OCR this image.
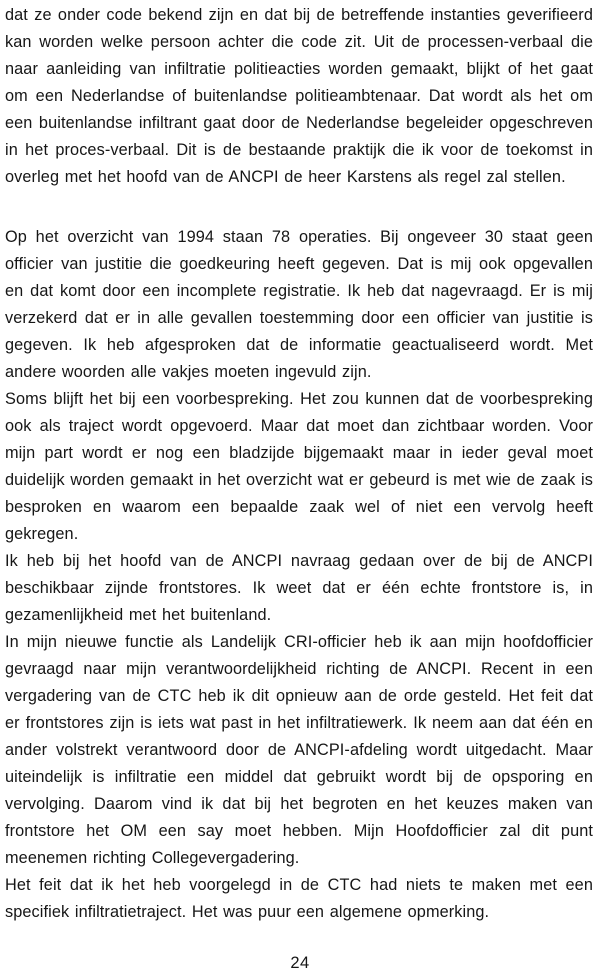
dat ze onder code bekend zijn en dat bij de betreffende instanties geverifieerd kan worden welke persoon achter die code zit. Uit de processen-verbaal die naar aanleiding van infiltratie politieacties worden gemaakt, blijkt of het gaat om een Nederlandse of buitenlandse politieambtenaar. Dat wordt als het om een buitenlandse infiltrant gaat door de Nederlandse begeleider opgeschreven in het proces-verbaal. Dit is de bestaande praktijk die ik voor de toekomst in overleg met het hoofd van de ANCPI de heer Karstens als regel zal stellen.

Op het overzicht van 1994 staan 78 operaties. Bij ongeveer 30 staat geen officier van justitie die goedkeuring heeft gegeven. Dat is mij ook opgevallen en dat komt door een incomplete registratie. Ik heb dat nagevraagd. Er is mij verzekerd dat er in alle gevallen toestemming door een officier van justitie is gegeven. Ik heb afgesproken dat de informatie geactualiseerd wordt. Met andere woorden alle vakjes moeten ingevuld zijn.

Soms blijft het bij een voorbespreking. Het zou kunnen dat de voorbespreking ook als traject wordt opgevoerd. Maar dat moet dan zichtbaar worden. Voor mijn part wordt er nog een bladzijde bijgemaakt maar in ieder geval moet duidelijk worden gemaakt in het overzicht wat er gebeurd is met wie de zaak is besproken en waarom een bepaalde zaak wel of niet een vervolg heeft gekregen.

Ik heb bij het hoofd van de ANCPI navraag gedaan over de bij de ANCPI beschikbaar zijnde frontstores. Ik weet dat er één echte frontstore is, in gezamenlijkheid met het buitenland.

In mijn nieuwe functie als Landelijk CRI-officier heb ik aan mijn hoofdofficier gevraagd naar mijn verantwoordelijkheid richting de ANCPI. Recent in een vergadering van de CTC heb ik dit opnieuw aan de orde gesteld. Het feit dat er frontstores zijn is iets wat past in het infiltratiewerk. Ik neem aan dat één en ander volstrekt verantwoord door de ANCPI-afdeling wordt uitgedacht. Maar uiteindelijk is infiltratie een middel dat gebruikt wordt bij de opsporing en vervolging. Daarom vind ik dat bij het begroten en het keuzes maken van frontstore het OM een say moet hebben. Mijn Hoofdofficier zal dit punt meenemen richting Collegevergadering.

Het feit dat ik het heb voorgelegd in de CTC had niets te maken met een specifiek infiltratietraject. Het was puur een algemene opmerking.

24
